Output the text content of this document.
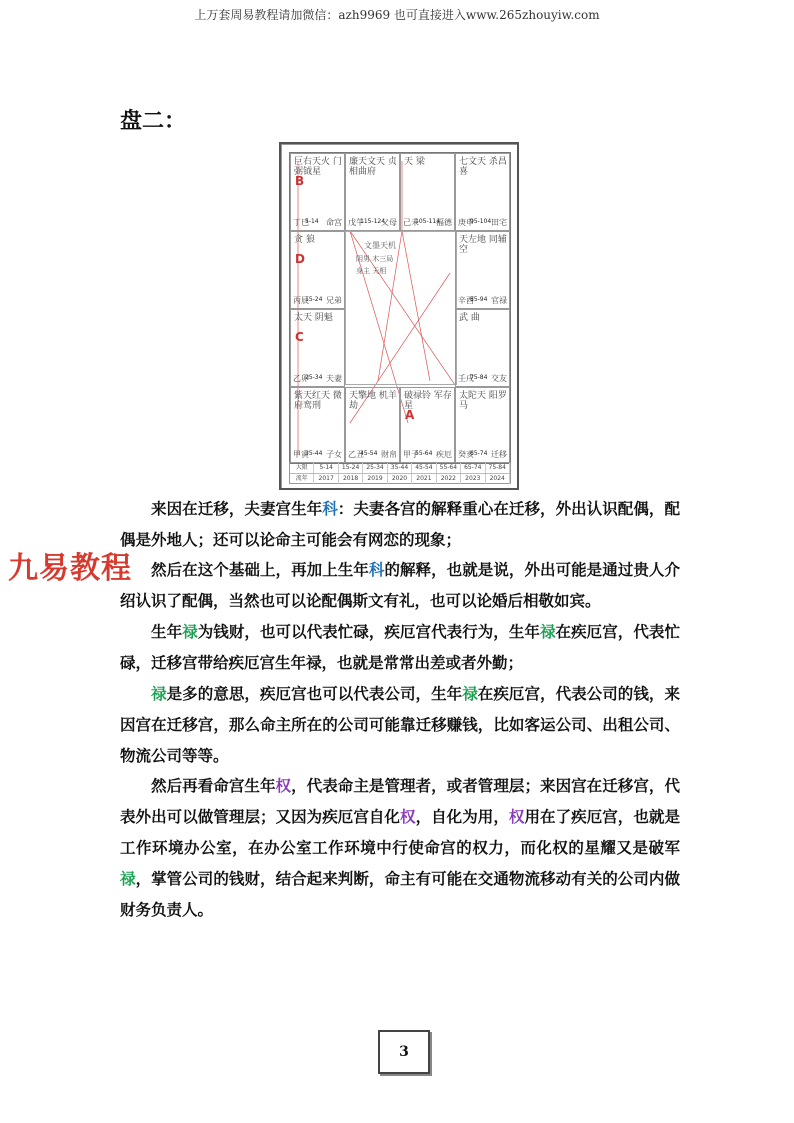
上万套周易教程请加微信：azh9969 也可直接进入www.265zhouyiw.com
盘二：
文墨天机
阴男 木三局
身主 天相
巨右天火 门弼钺星
丁巳
5-14 命宫
B
廉天文天 贞相曲府
戊午
115-124
父母
天 梁
己未
105-114
福德
七文天 杀昌喜
庚申
95-104 田宅
贪 狼
丙辰
15-24 兄弟
D
天左地 同辅空
辛酉
85-94 官禄
太天 阴魁
乙卯
25-34 夫妻
C
武 曲
壬戌
75-84 交友
紫天红天 微府鸾刑
甲寅
35-44 子女
天擎地 机羊劫
乙丑
45-54 财帛
破禄铃 军存星
甲子
55-64 疾厄
A
太陀天 阳罗马
癸亥
65-74 迁移
大限	5-14	15-24	25-34	35-44	45-54	55-64	65-74	75-84
流年	2017	2018	2019	2020	2021	2022	2023	2024
来因在迁移，夫妻宫生年科：夫妻各宫的解释重心在迁移，外出认识配偶，配偶是外地人；还可以论命主可能会有网恋的现象；
然后在这个基础上，再加上生年科的解释，也就是说，外出可能是通过贵人介绍认识了配偶，当然也可以论配偶斯文有礼，也可以论婚后相敬如宾。
生年禄为钱财，也可以代表忙碌，疾厄宫代表行为，生年禄在疾厄宫，代表忙碌，迁移宫带给疾厄宫生年禄，也就是常常出差或者外勤；
禄是多的意思，疾厄宫也可以代表公司，生年禄在疾厄宫，代表公司的钱，来因宫在迁移宫，那么命主所在的公司可能靠迁移赚钱，比如客运公司、出租公司、物流公司等等。
然后再看命宫生年权，代表命主是管理者，或者管理层；来因宫在迁移宫，代表外出可以做管理层；又因为疾厄宫自化权，自化为用，权用在了疾厄宫，也就是工作环境办公室，在办公室工作环境中行使命宫的权力，而化权的星耀又是破军禄，掌管公司的钱财，结合起来判断，命主有可能在交通物流移动有关的公司内做财务负责人。
九易教程
3
